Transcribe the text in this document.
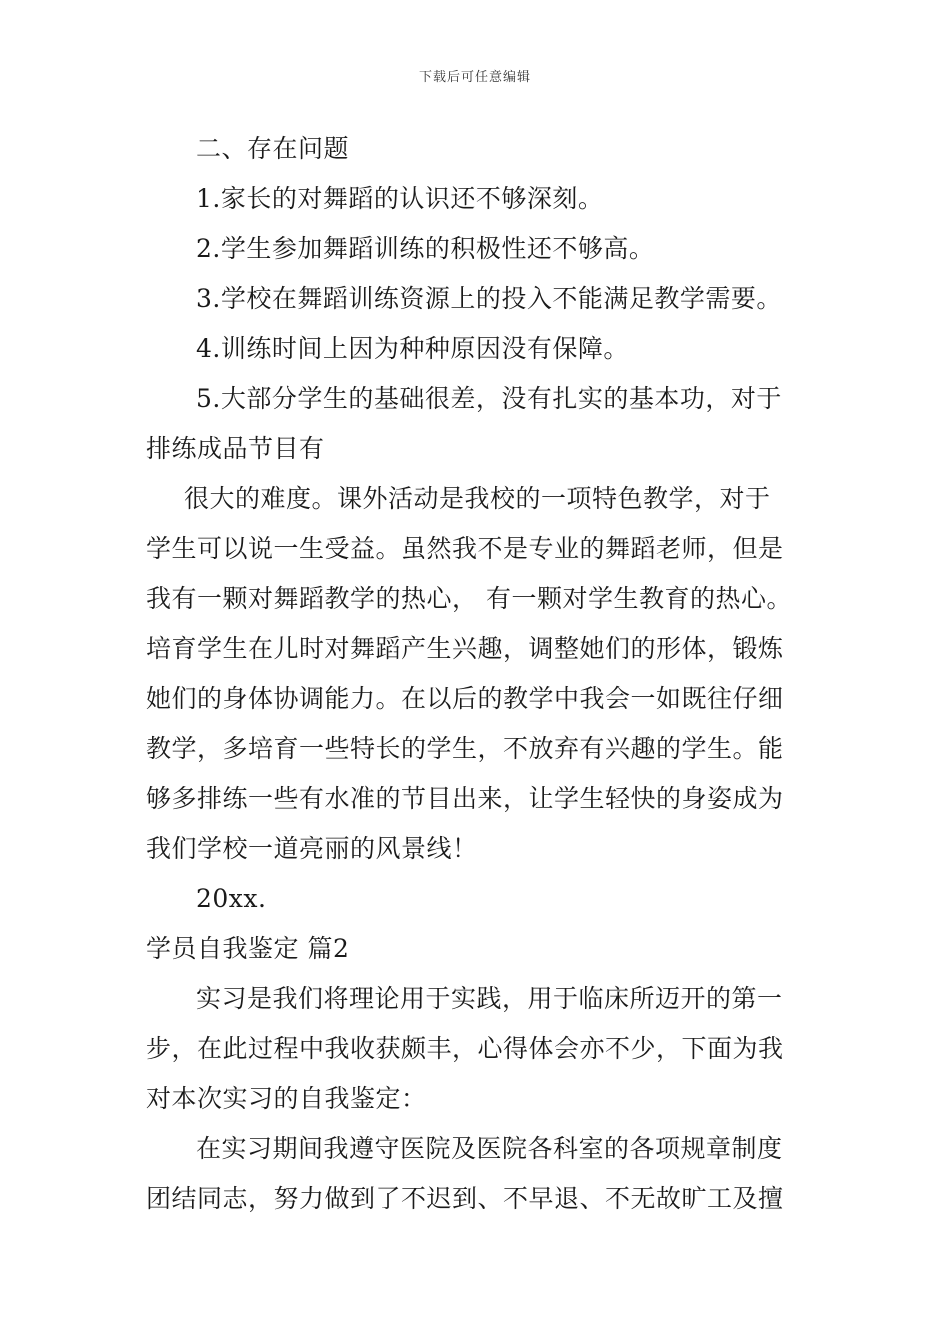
下载后可任意编辑
二、存在问题
1.家长的对舞蹈的认识还不够深刻。
2.学生参加舞蹈训练的积极性还不够高。
3.学校在舞蹈训练资源上的投入不能满足教学需要。
4.训练时间上因为种种原因没有保障。
5.大部分学生的基础很差，没有扎实的基本功，对于
排练成品节目有
很大的难度。课外活动是我校的一项特色教学，对于
学生可以说一生受益。虽然我不是专业的舞蹈老师，但是
我有一颗对舞蹈教学的热心， 有一颗对学生教育的热心。
培育学生在儿时对舞蹈产生兴趣，调整她们的形体，锻炼
她们的身体协调能力。在以后的教学中我会一如既往仔细
教学，多培育一些特长的学生，不放弃有兴趣的学生。能
够多排练一些有水准的节目出来，让学生轻快的身姿成为
我们学校一道亮丽的风景线！
20xx.
学员自我鉴定 篇2
实习是我们将理论用于实践，用于临床所迈开的第一
步，在此过程中我收获颇丰，心得体会亦不少，下面为我
对本次实习的自我鉴定：
在实习期间我遵守医院及医院各科室的各项规章制度
团结同志，努力做到了不迟到、不早退、不无故旷工及擅
